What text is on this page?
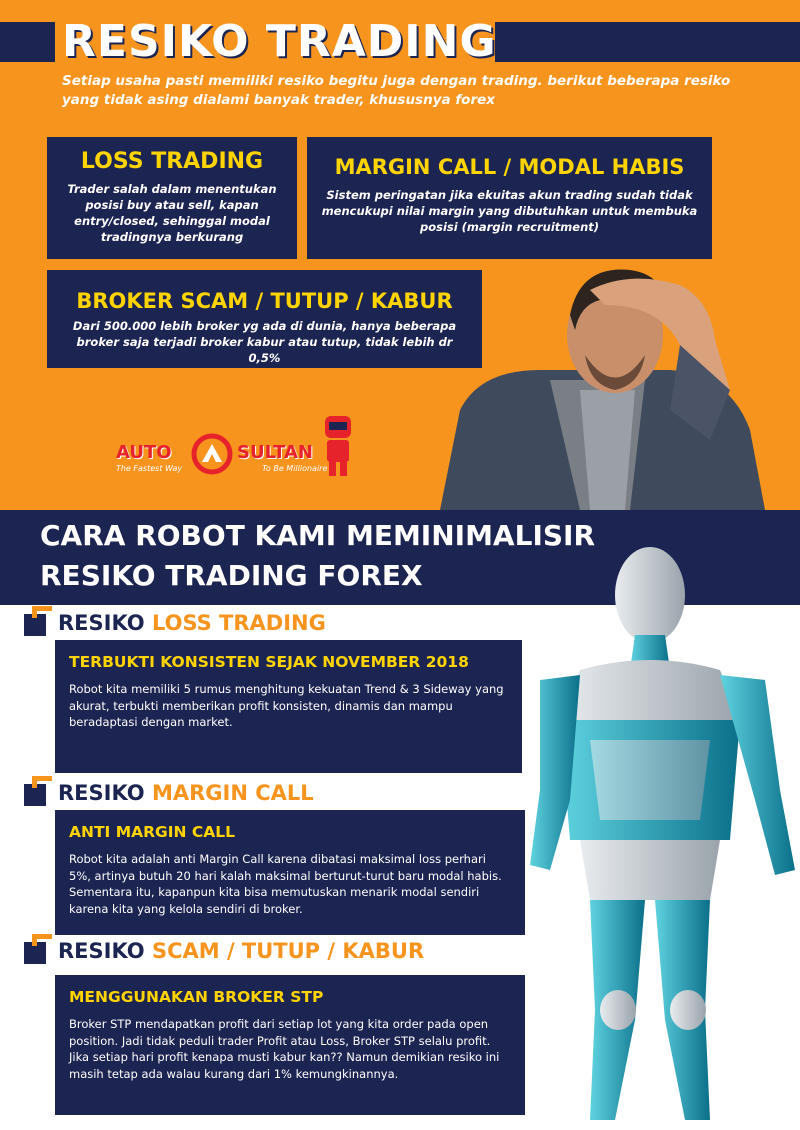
RESIKO TRADING
Setiap usaha pasti memiliki resiko begitu juga dengan trading. berikut beberapa resiko yang tidak asing dialami banyak trader, khususnya forex
LOSS TRADING

Trader salah dalam menentukan posisi buy atau sell, kapan entry/closed, sehinggal modal tradingnya berkurang

MARGIN CALL / MODAL HABIS

Sistem peringatan jika ekuitas akun trading sudah tidak mencukupi nilai margin yang dibutuhkan untuk membuka posisi (margin recruitment)

BROKER SCAM / TUTUP / KABUR

Dari 500.000 lebih broker yg ada di dunia, hanya beberapa broker saja terjadi broker kabur atau tutup, tidak lebih dr 0,5%

AUTO	SULTAN
The Fastest Way	To Be Millionaire
CARA ROBOT KAMI MEMINIMALISIR
RESIKO TRADING FOREX
RESIKO LOSS TRADING
TERBUKTI KONSISTEN SEJAK NOVEMBER 2018

Robot kita memiliki 5 rumus menghitung kekuatan Trend & 3 Sideway yang akurat, terbukti memberikan profit konsisten, dinamis dan mampu beradaptasi dengan market.

RESIKO MARGIN CALL
ANTI MARGIN CALL

Robot kita adalah anti Margin Call karena dibatasi maksimal loss perhari 5%, artinya butuh 20 hari kalah maksimal berturut-turut baru modal habis. Sementara itu, kapanpun kita bisa memutuskan menarik modal sendiri karena kita yang kelola sendiri di broker.

RESIKO SCAM / TUTUP / KABUR
MENGGUNAKAN BROKER STP

Broker STP mendapatkan profit dari setiap lot yang kita order pada open position. Jadi tidak peduli trader Profit atau Loss, Broker STP selalu profit. Jika setiap hari profit kenapa musti kabur kan?? Namun demikian resiko ini masih tetap ada walau kurang dari 1% kemungkinannya.
